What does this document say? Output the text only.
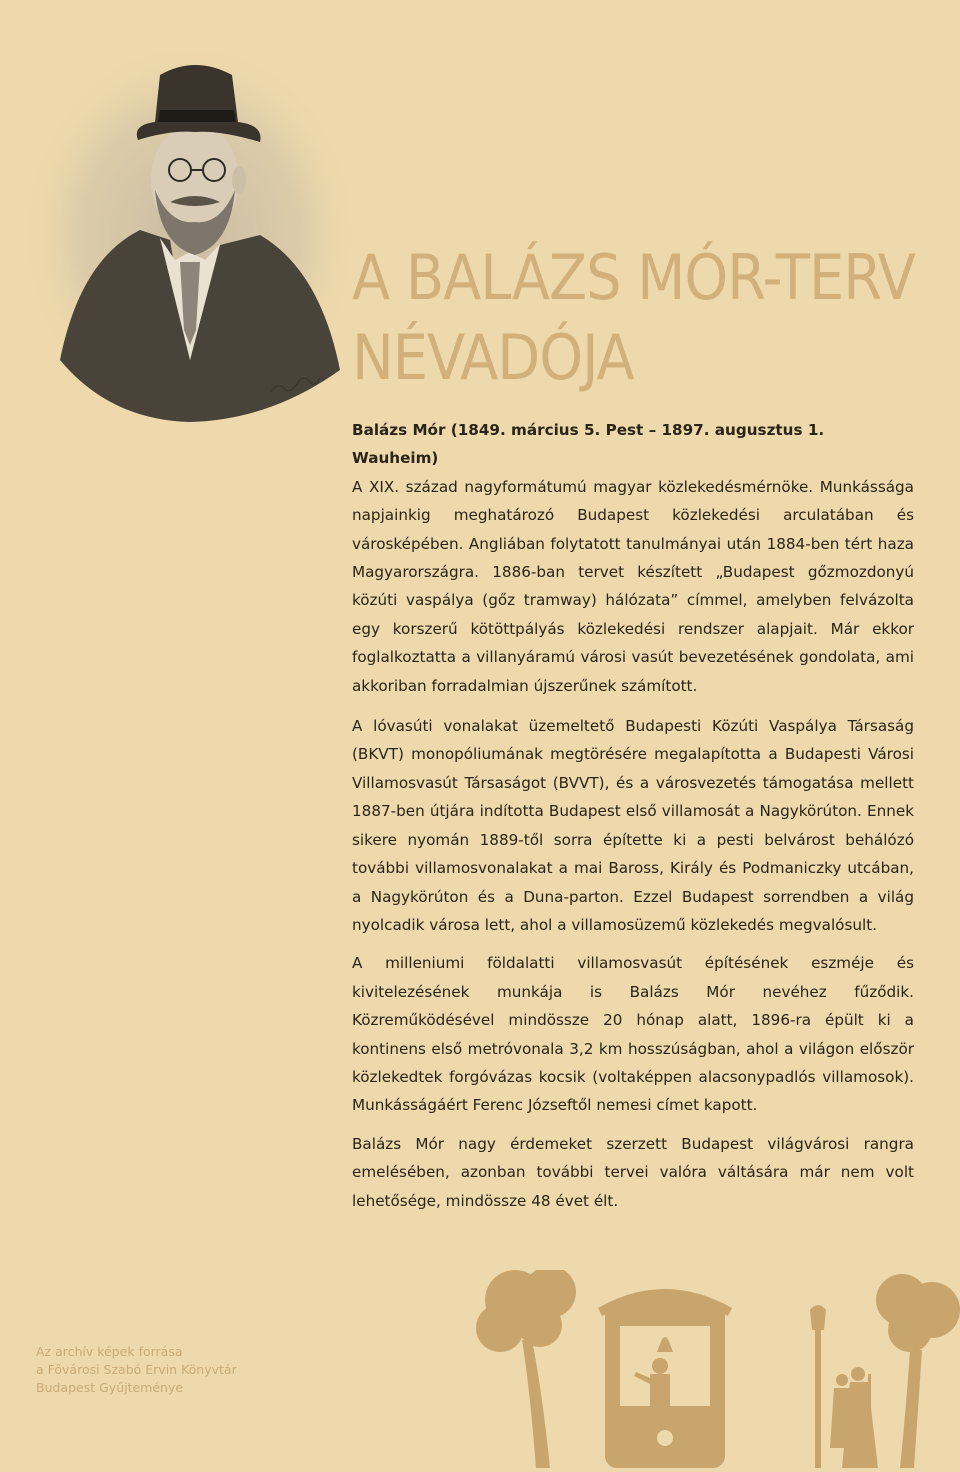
A BALÁZS MÓR-TERV
NÉVADÓJA

Balázs Mór (1849. március 5. Pest – 1897. augusztus 1. Wauheim)

A XIX. század nagyformátumú magyar közlekedésmérnöke. Munkássága napjainkig meghatározó Budapest közlekedési arculatában és városképében. Angliában folytatott tanulmányai után 1884-ben tért haza Magyarországra. 1886-ban tervet készített „Budapest gőzmozdonyú közúti vaspálya (gőz tramway) hálózata” címmel, amelyben felvázolta egy korszerű kötöttpályás közlekedési rendszer alapjait. Már ekkor foglalkoztatta a villanyáramú városi vasút bevezetésének gondolata, ami akkoriban forradalmian újszerűnek számított.

A lóvasúti vonalakat üzemeltető Budapesti Közúti Vaspálya Társaság (BKVT) monopóliumának megtörésére megalapította a Budapesti Városi Villamosvasút Társaságot (BVVT), és a városvezetés támogatása mellett 1887-ben útjára indította Budapest első villamosát a Nagykörúton. Ennek sikere nyomán 1889-től sorra építette ki a pesti belvárost behálózó további villamosvonalakat a mai Baross, Király és Podmaniczky utcában, a Nagykörúton és a Duna-parton. Ezzel Budapest sorrendben a világ nyolcadik városa lett, ahol a villamosüzemű közlekedés megvalósult.

A milleniumi földalatti villamosvasút építésének eszméje és kivitelezésének munkája is Balázs Mór nevéhez fűződik. Közreműködésével mindössze 20 hónap alatt, 1896-ra épült ki a kontinens első metróvonala 3,2 km hosszúságban, ahol a világon először közlekedtek forgóvázas kocsik (voltaképpen alacsonypadlós villamosok). Munkásságáért Ferenc Józseftől nemesi címet kapott.

Balázs Mór nagy érdemeket szerzett Budapest világvárosi rangra emelésében, azonban további tervei valóra váltására már nem volt lehetősége, mindössze 48 évet élt.

Az archív képek forrása
a Fővárosi Szabó Ervin Könyvtár
Budapest Gyűjteménye
